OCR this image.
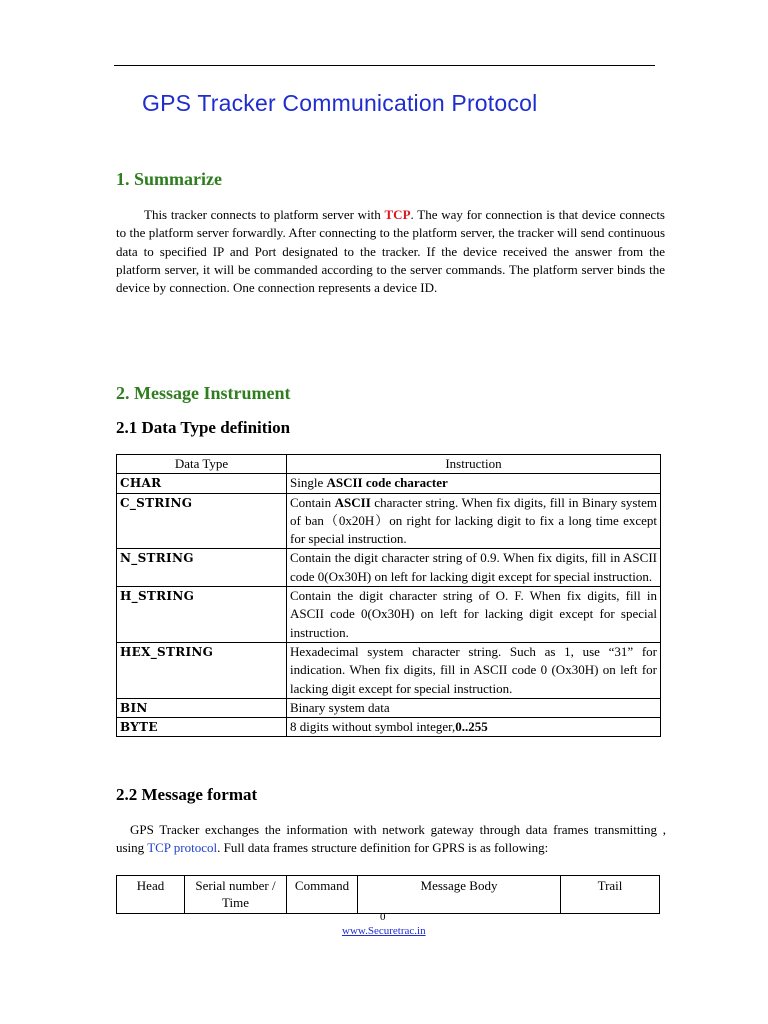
GPS Tracker Communication Protocol
1. Summarize

This tracker connects to platform server with TCP. The way for connection is that device connects to the platform server forwardly. After connecting to the platform server, the tracker will send continuous data to specified IP and Port designated to the tracker. If the device received the answer from the platform server, it will be commanded according to the server commands. The platform server binds the device by connection. One connection represents a device ID.

2. Message Instrument
2.1 Data Type definition
Data Type	Instruction
CHAR	Single ASCII code character
C_STRING	Contain ASCII character string. When fix digits, fill in Binary system of ban（0x20H）on right for lacking digit to fix a long time except for special instruction.
N_STRING	Contain the digit character string of 0.9. When fix digits, fill in ASCII code 0(Ox30H) on left for lacking digit except for special instruction.
H_STRING	Contain the digit character string of O. F. When fix digits, fill in ASCII code 0(Ox30H) on left for lacking digit except for special instruction.
HEX_STRING	Hexadecimal system character string. Such as 1, use “31” for indication. When fix digits, fill in ASCII code 0 (Ox30H) on left for lacking digit except for special instruction.
BIN	Binary system data
BYTE	8 digits without symbol integer,0..255
2.2 Message format

GPS Tracker exchanges the information with network gateway through data frames transmitting , using TCP protocol. Full data frames structure definition for GPRS is as following:

Head	Serial number / Time	Command	Message Body	Trail
0
www.Securetrac.in
